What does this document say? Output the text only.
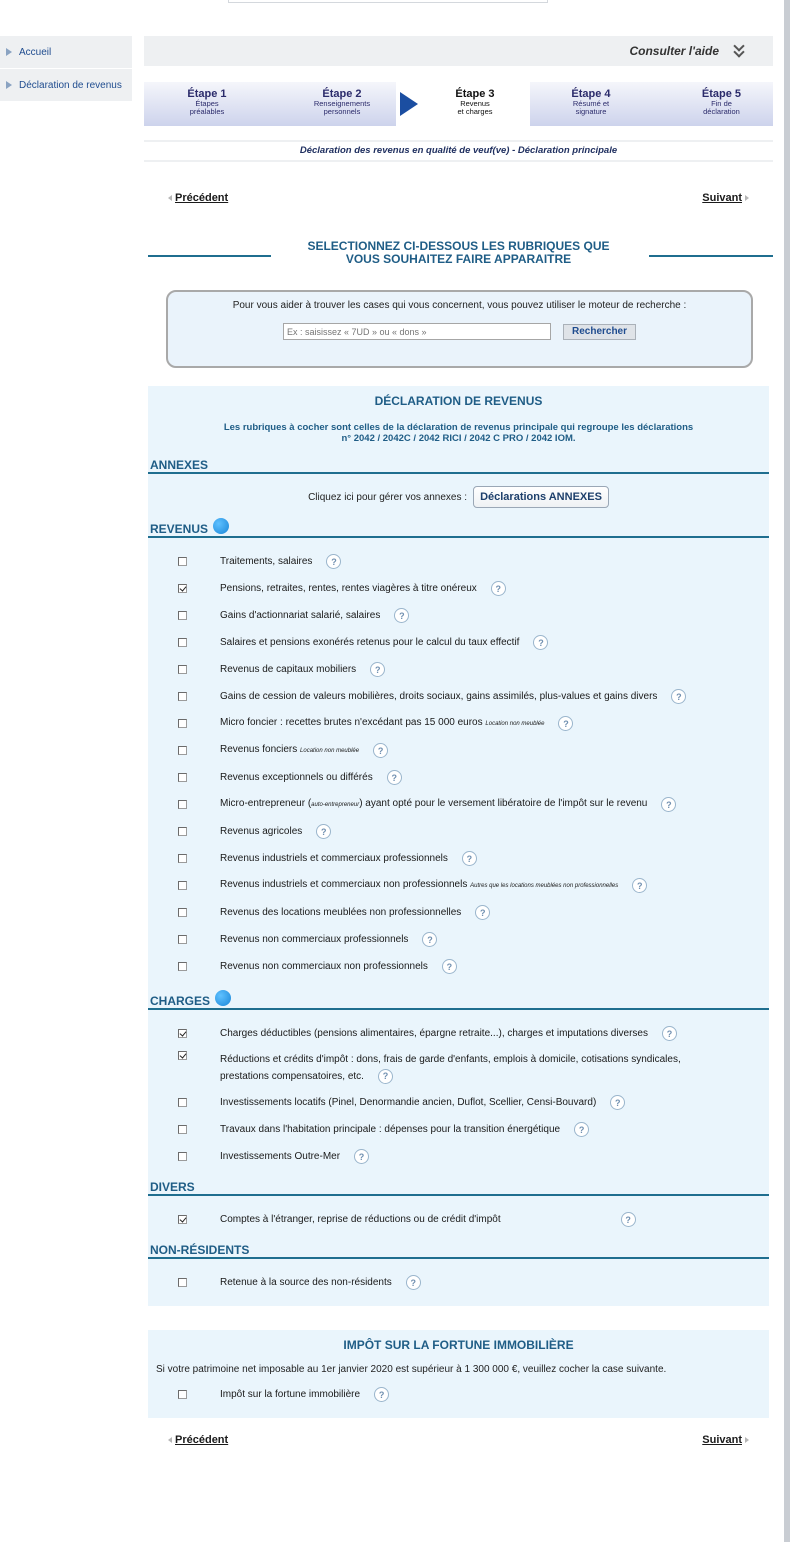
Accueil
Déclaration de revenus
Consulter l'aide
Étape 1
Étapes
préalables
Étape 2
Renseignements
personnels
Étape 3
Revenus
et charges
Étape 4
Résumé et
signature
Étape 5
Fin de
déclaration
Déclaration des revenus en qualité de veuf(ve) - Déclaration principale
Précédent	Suivant
SELECTIONNEZ CI-DESSOUS LES RUBRIQUES QUE
VOUS SOUHAITEZ FAIRE APPARAITRE
Pour vous aider à trouver les cases qui vous concernent, vous pouvez utiliser le moteur de recherche :
Ex : saisissez « 7UD » ou « dons »
Rechercher
DÉCLARATION DE REVENUS
Les rubriques à cocher sont celles de la déclaration de revenus principale qui regroupe les déclarations
n° 2042 / 2042C / 2042 RICI / 2042 C PRO / 2042 IOM.
ANNEXES
Cliquez ici pour gérer vos annexes :	Déclarations ANNEXES
REVENUS
Traitements, salaires	?
Pensions, retraites, rentes, rentes viagères à titre onéreux	?
Gains d'actionnariat salarié, salaires	?
Salaires et pensions exonérés retenus pour le calcul du taux effectif	?
Revenus de capitaux mobiliers	?
Gains de cession de valeurs mobilières, droits sociaux, gains assimilés, plus-values et gains divers	?
Micro foncier : recettes brutes n'excédant pas 15 000 euros Location non meublée	?
Revenus fonciers Location non meublée	?
Revenus exceptionnels ou différés	?
Micro-entrepreneur (auto-entrepreneur) ayant opté pour le versement libératoire de l'impôt sur le revenu	?
Revenus agricoles	?
Revenus industriels et commerciaux professionnels	?
Revenus industriels et commerciaux non professionnels Autres que les locations meublées non professionnelles	?
Revenus des locations meublées non professionnelles	?
Revenus non commerciaux professionnels	?
Revenus non commerciaux non professionnels	?
CHARGES
Charges déductibles (pensions alimentaires, épargne retraite...), charges et imputations diverses	?
Réductions et crédits d'impôt : dons, frais de garde d'enfants, emplois à domicile, cotisations syndicales,
prestations compensatoires, etc. ?
Investissements locatifs (Pinel, Denormandie ancien, Duflot, Scellier, Censi-Bouvard)	?
Travaux dans l'habitation principale : dépenses pour la transition énergétique	?
Investissements Outre-Mer	?
DIVERS
Comptes à l'étranger, reprise de réductions ou de crédit d'impôt	?
NON-RÉSIDENTS
Retenue à la source des non-résidents	?
IMPÔT SUR LA FORTUNE IMMOBILIÈRE
Si votre patrimoine net imposable au 1er janvier 2020 est supérieur à 1 300 000 €, veuillez cocher la case suivante.
Impôt sur la fortune immobilière	?
Précédent	Suivant
